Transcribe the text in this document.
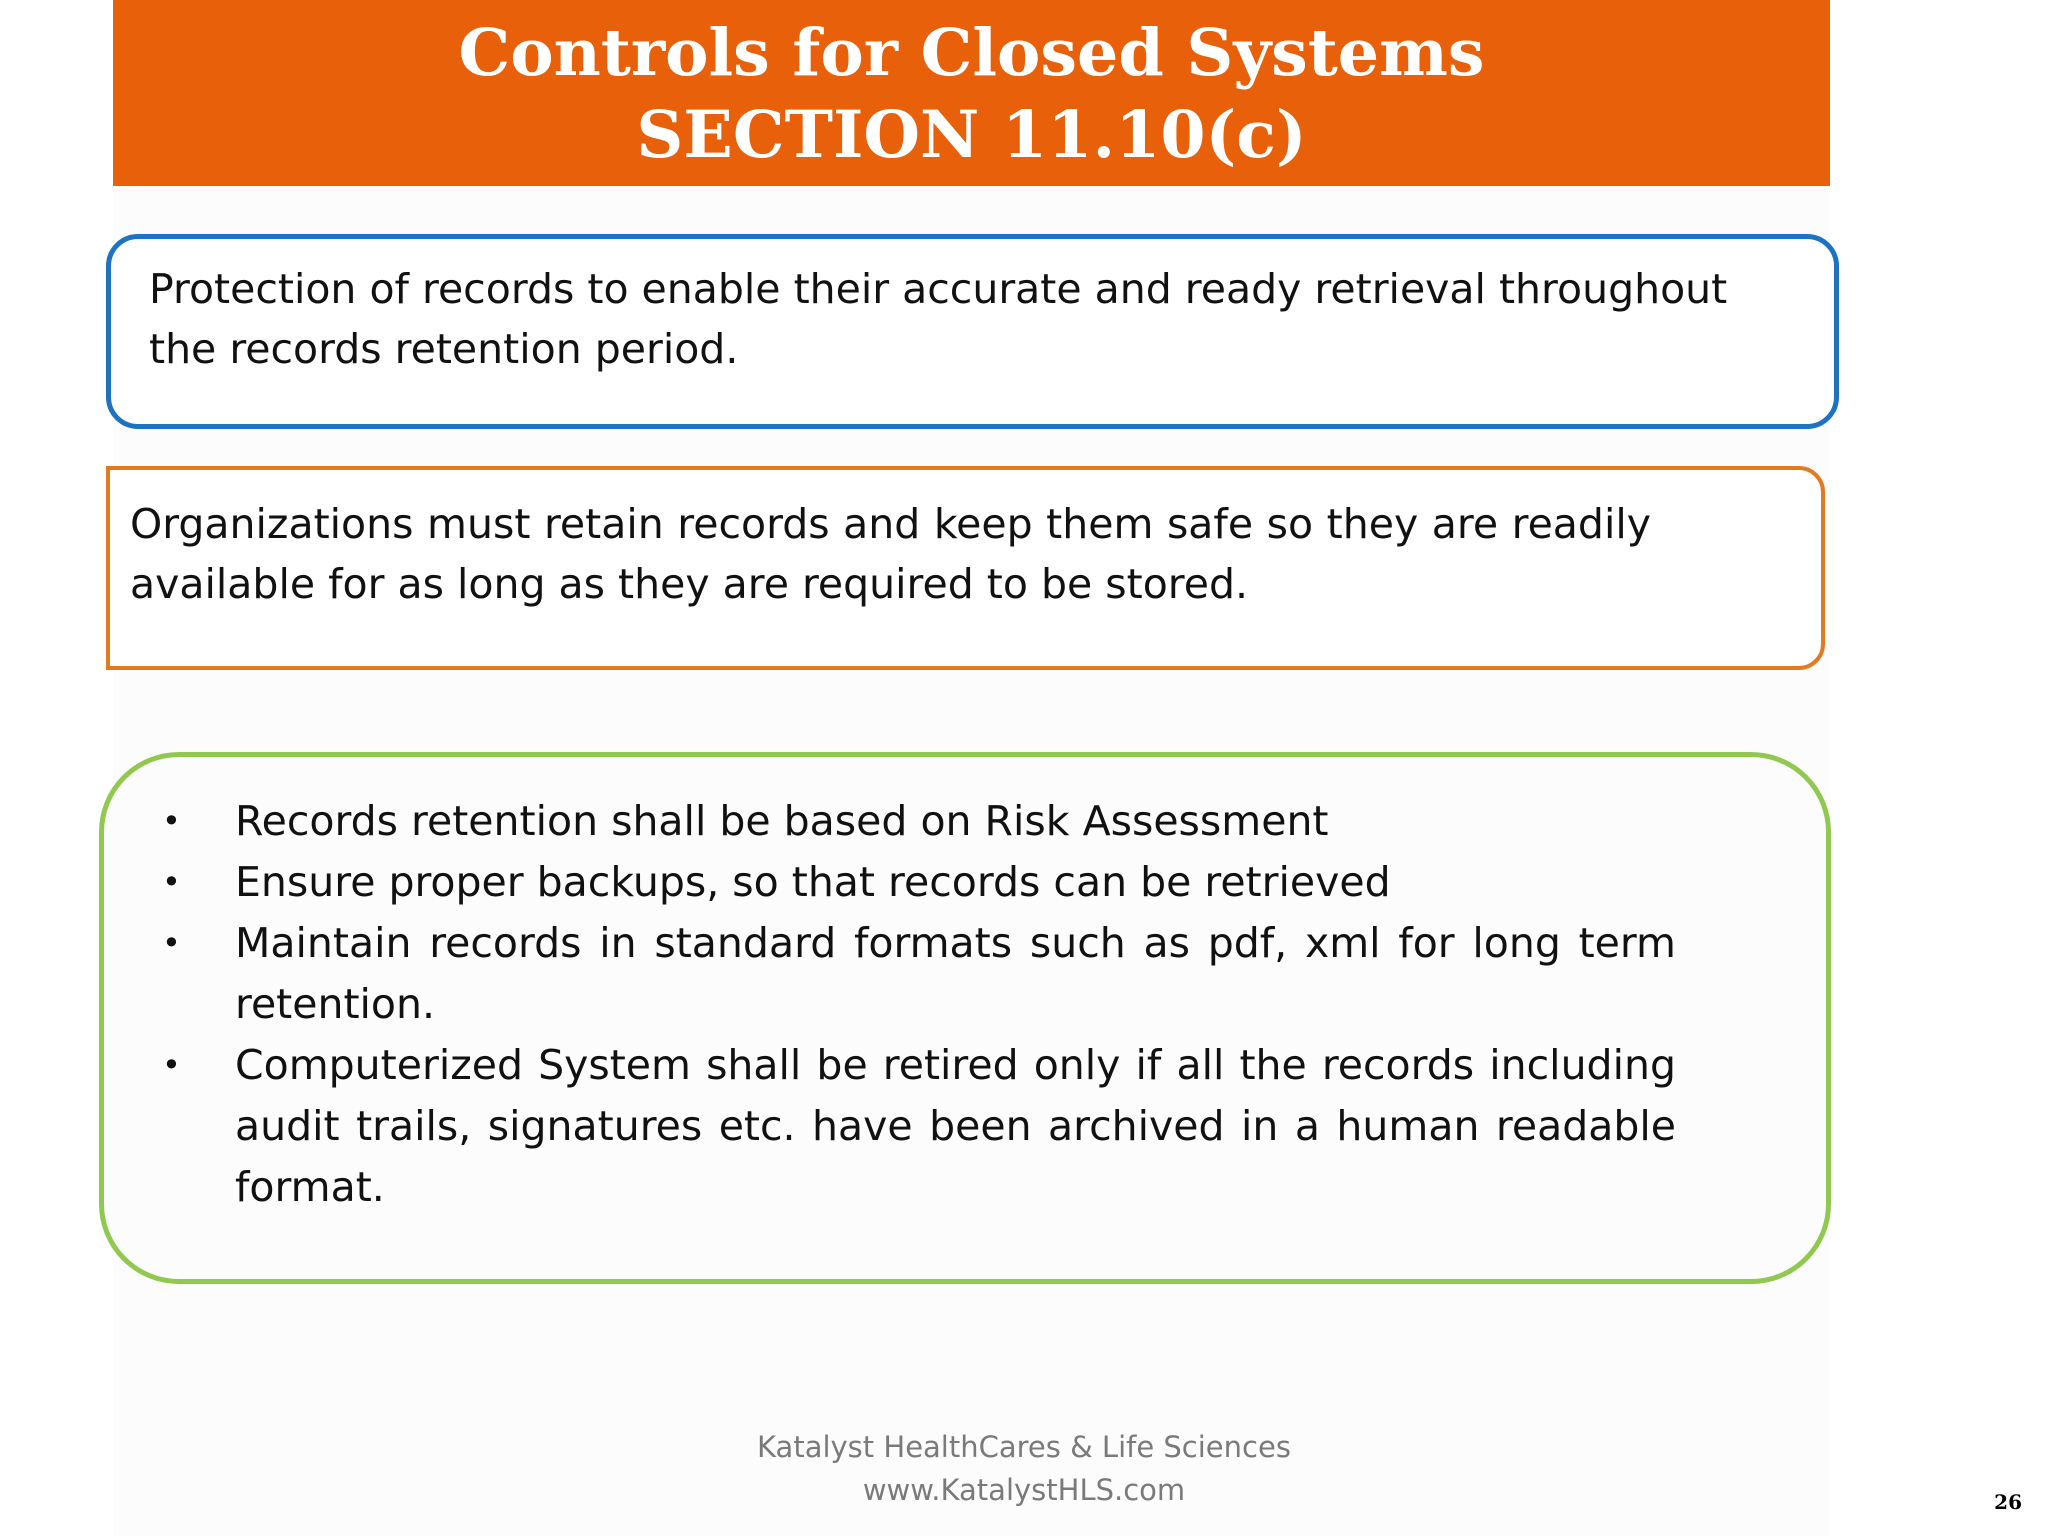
Controls for Closed Systems
SECTION 11.10(c)
Protection of records to enable their accurate and ready retrieval throughout the records retention period.
Organizations must retain records and keep them safe so they are readily available for as long as they are required to be stored.
•	Records retention shall be based on Risk Assessment
•	Ensure proper backups, so that records can be retrieved
•	Maintain records in standard formats such as pdf, xml for long term retention.
•	Computerized System shall be retired only if all the records including audit trails, signatures etc. have been archived in a human readable format.
Katalyst HealthCares & Life Sciences
www.KatalystHLS.com	26
